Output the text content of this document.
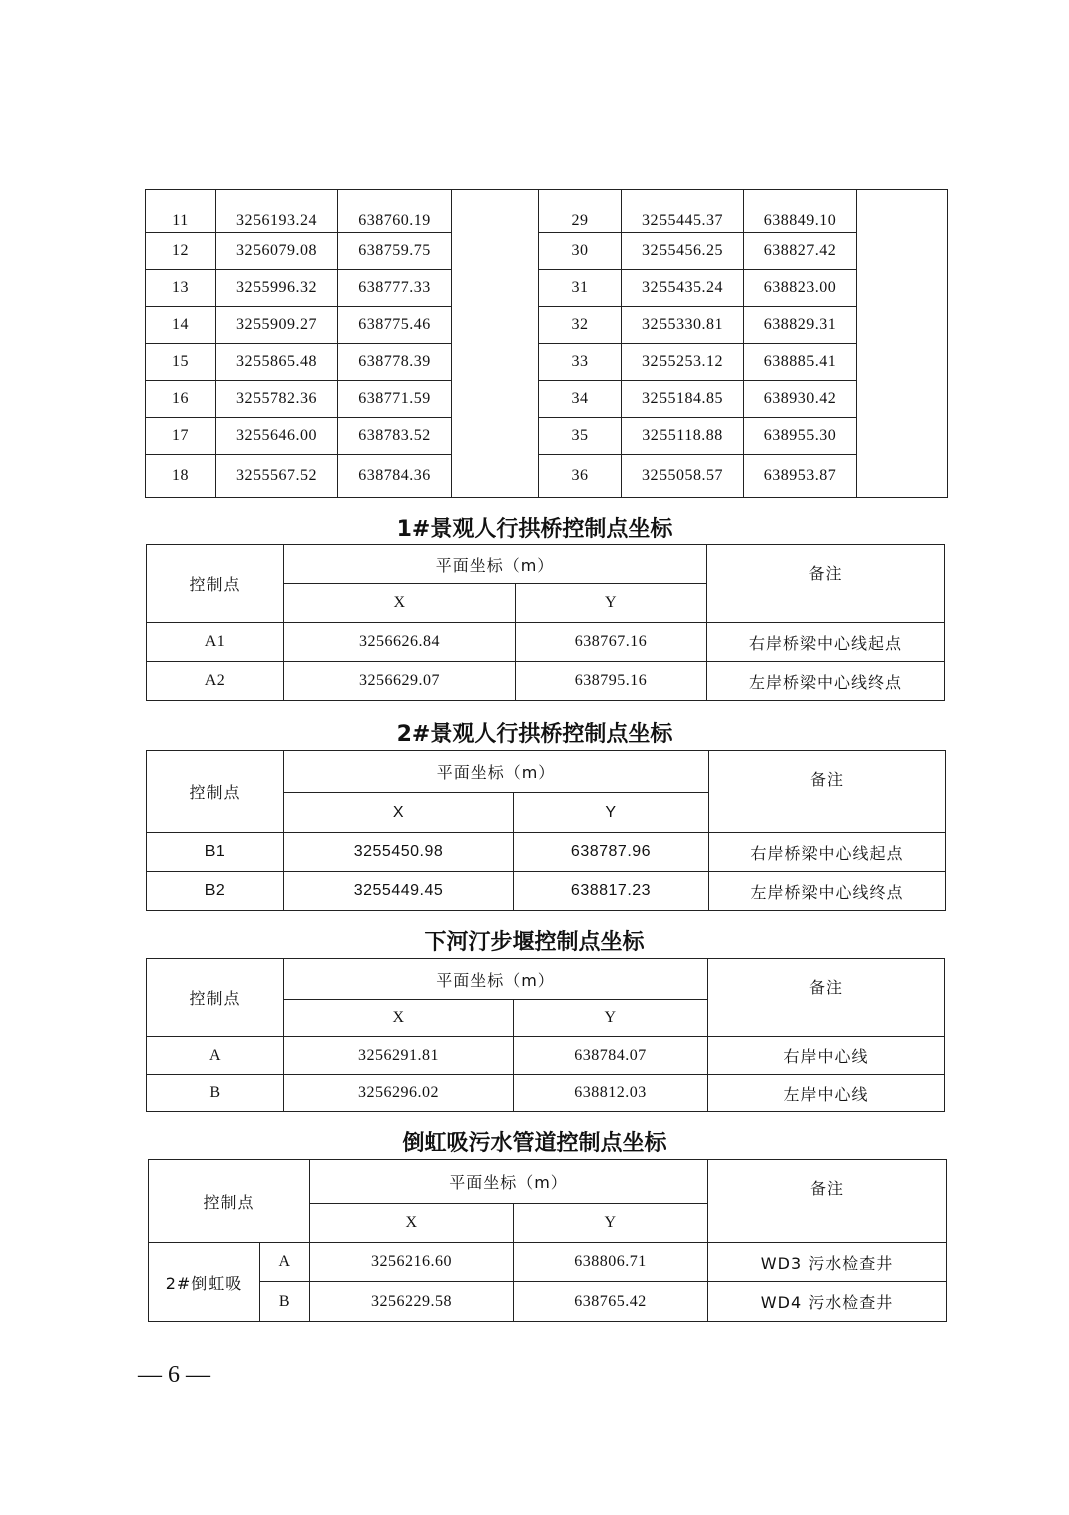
11	3256193.24	638760.19		29	3255445.37	638849.10	
12	3256079.08	638759.75		30	3255456.25	638827.42	
13	3255996.32	638777.33		31	3255435.24	638823.00	
14	3255909.27	638775.46		32	3255330.81	638829.31	
15	3255865.48	638778.39		33	3255253.12	638885.41	
16	3255782.36	638771.59		34	3255184.85	638930.42	
17	3255646.00	638783.52		35	3255118.88	638955.30	
18	3255567.52	638784.36		36	3255058.57	638953.87	
1#景观人行拱桥控制点坐标
控制点	平面坐标（m）		备注
	X	Y	
A1	3256626.84	638767.16	右岸桥梁中心线起点
A2	3256629.07	638795.16	左岸桥梁中心线终点
2#景观人行拱桥控制点坐标
控制点	平面坐标（m）		备注
	X	Y	
B1	3255450.98	638787.96	右岸桥梁中心线起点
B2	3255449.45	638817.23	左岸桥梁中心线终点
下河汀步堰控制点坐标
控制点	平面坐标（m）		备注
	X	Y	
A	3256291.81	638784.07	右岸中心线
B	3256296.02	638812.03	左岸中心线
倒虹吸污水管道控制点坐标
控制点		平面坐标（m）		备注
		X	Y	
2#倒虹吸	A	3256216.60	638806.71	WD3 污水检查井
	B	3256229.58	638765.42	WD4 污水检查井
— 6 —
